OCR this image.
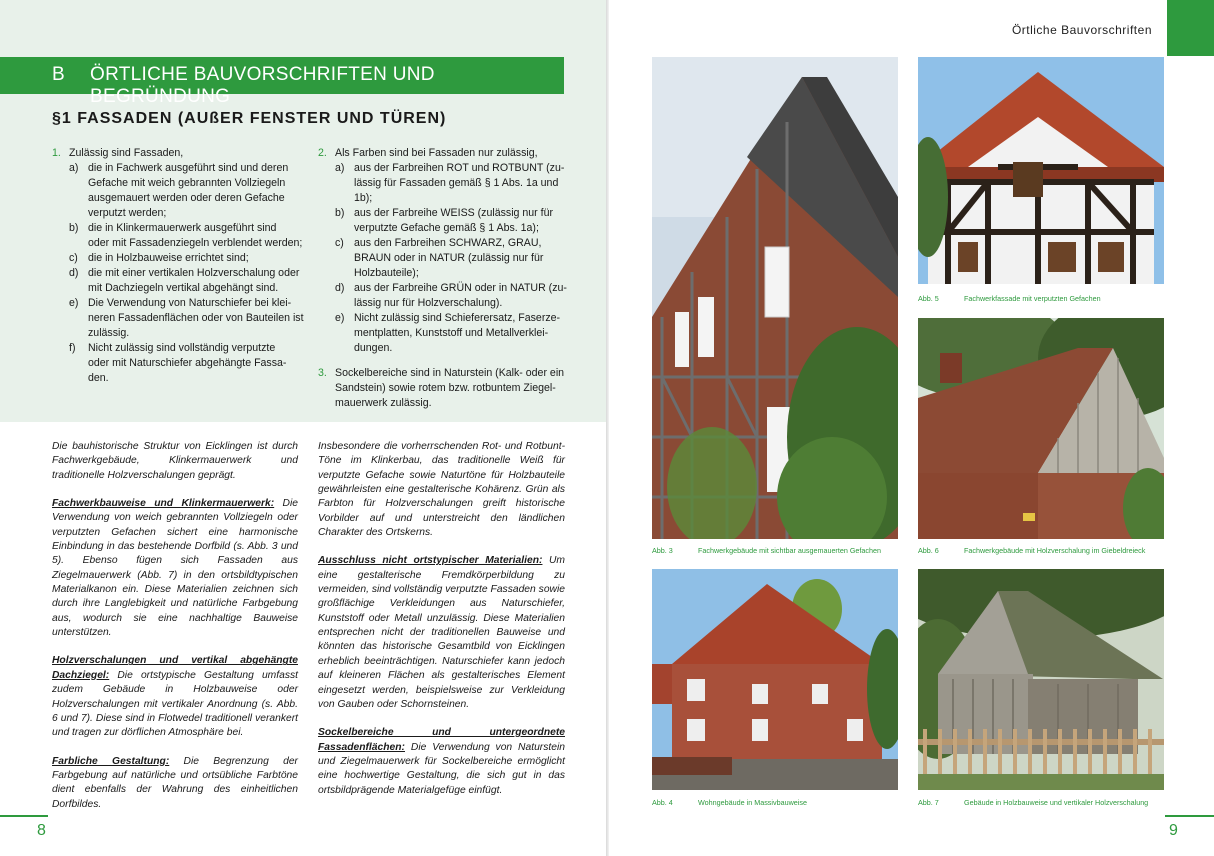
B ÖRTLICHE BAUVORSCHRIFTEN UND BEGRÜNDUNG
§1 FASSADEN (AUßER FENSTER UND TÜREN)
1. Zulässig sind Fassaden,
a) die in Fachwerk ausgeführt sind und deren
Gefache mit weich gebrannten Vollziegeln
ausgemauert werden oder deren Gefache
verputzt werden;
b) die in Klinkermauerwerk ausgeführt sind
oder mit Fassadenziegeln verblendet werden;
c) die in Holzbauweise errichtet sind;
d) die mit einer vertikalen Holzverschalung oder
mit Dachziegeln vertikal abgehängt sind.
e) Die Verwendung von Naturschiefer bei klei-
neren Fassadenflächen oder von Bauteilen ist
zulässig.
f)	Nicht zulässig sind vollständig verputzte
oder mit Naturschiefer abgehängte Fassa-
den.
2. Als Farben sind bei Fassaden nur zulässig,
a) aus der Farbreihen ROT und ROTBUNT (zu-
lässig für Fassaden gemäß § 1 Abs. 1a und
1b);
b) aus der Farbreihe WEISS (zulässig nur für
verputzte Gefache gemäß § 1 Abs. 1a);
c) aus den Farbreihen SCHWARZ, GRAU,
BRAUN oder in NATUR (zulässig nur für
Holzbauteile);
d) aus der Farbreihe GRÜN oder in NATUR (zu-
lässig nur für Holzverschalung).
e) Nicht zulässig sind Schieferersatz, Faserze-
mentplatten, Kunststoff und Metallverklei-
dungen.
3. Sockelbereiche sind in Naturstein (Kalk- oder ein
Sandstein) sowie rotem bzw. rotbuntem Ziegel-
mauerwerk zulässig.

Die bauhistorische Struktur von Eicklingen ist durch Fachwerkgebäude, Klinkermauerwerk und traditionelle Holzverschalungen geprägt.

Fachwerkbauweise und Klinkermauerwerk: Die Verwendung von weich gebrannten Vollziegeln oder verputzten Gefachen sichert eine harmonische Einbindung in das bestehende Dorfbild (s. Abb. 3 und 5). Ebenso fügen sich Fassaden aus Ziegelmauerwerk (Abb. 7) in den ortsbildtypischen Materialkanon ein. Diese Materialien zeichnen sich durch ihre Langlebigkeit und natürliche Farbgebung aus, wodurch sie eine nachhaltige Bauweise unterstützen.

Holzverschalungen und vertikal abgehängte Dachziegel: Die ortstypische Gestaltung umfasst zudem Gebäude in Holzbauweise oder Holzverschalungen mit vertikaler Anordnung (s. Abb. 6 und 7). Diese sind in Flotwedel traditionell verankert und tragen zur dörflichen Atmosphäre bei.

Farbliche Gestaltung: Die Begrenzung der Farbgebung auf natürliche und ortsübliche Farbtöne dient ebenfalls der Wahrung des einheitlichen Dorfbildes.

Insbesondere die vorherrschenden Rot- und Rotbunt-Töne im Klinkerbau, das traditionelle Weiß für verputzte Gefache sowie Naturtöne für Holzbauteile gewährleisten eine gestalterische Kohärenz. Grün als Farbton für Holzverschalungen greift historische Vorbilder auf und unterstreicht den ländlichen Charakter des Ortskerns.

Ausschluss nicht ortstypischer Materialien: Um eine gestalterische Fremdkörperbildung zu vermeiden, sind vollständig verputzte Fassaden sowie großflächige Verkleidungen aus Naturschiefer, Kunststoff oder Metall unzulässig. Diese Materialien entsprechen nicht der traditionellen Bauweise und könnten das historische Gesamtbild von Eicklingen erheblich beeinträchtigen. Naturschiefer kann jedoch auf kleineren Flächen als gestalterisches Element eingesetzt werden, beispielsweise zur Verkleidung von Gauben oder Schornsteinen.

Sockelbereiche und untergeordnete Fassadenflächen: Die Verwendung von Naturstein und Ziegelmauerwerk für Sockelbereiche ermöglicht eine hochwertige Gestaltung, die sich gut in das ortsbildprägende Materialgefüge einfügt.

8
Örtliche Bauvorschriften
Abb. 3	Fachwerkgebäude mit sichtbar ausgemauerten Gefachen
Abb. 5	Fachwerkfassade mit verputzten Gefachen
Abb. 6	Fachwerkgebäude mit Holzverschalung im Giebeldreieck
Abb. 4	Wohngebäude in Massivbauweise	Abb. 7	Gebäude in Holzbauweise und vertikaler Holzverschalung
9
